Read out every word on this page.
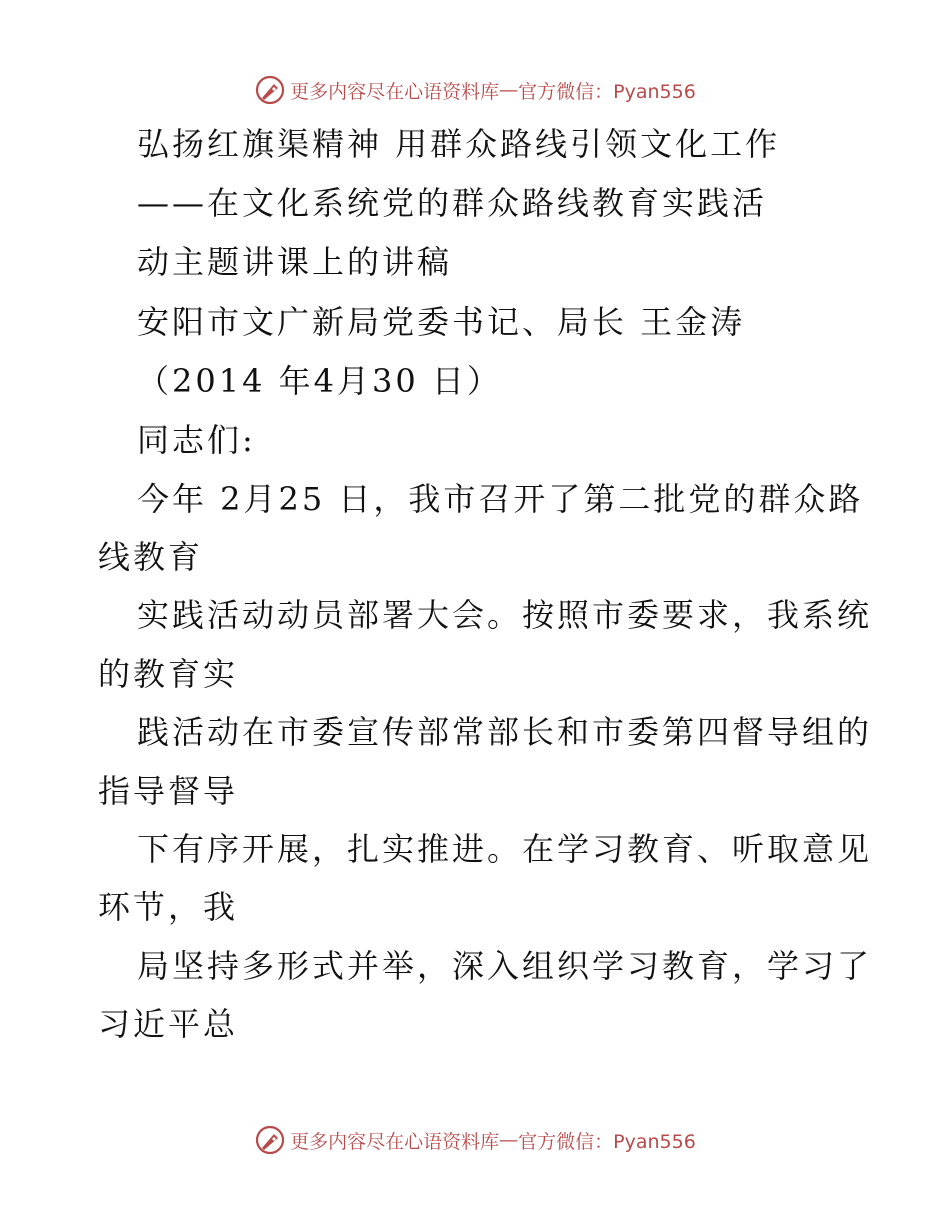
更多内容尽在心语资料库 — 官方微信：Pyan556
弘扬红旗渠精神 用群众路线引领文化工作
——在文化系统党的群众路线教育实践活
动主题讲课上的讲稿
安阳市文广新局党委书记、局长 王金涛
（2014 年4月30 日）
同志们:
今年 2月25 日，我市召开了第二批党的群众路
线教育
实践活动动员部署大会。按照市委要求，我系统
的教育实
践活动在市委宣传部常部长和市委第四督导组的
指导督导
下有序开展，扎实推进。在学习教育、听取意见
环节，我
局坚持多形式并举，深入组织学习教育，学习了
习近平总
更多内容尽在心语资料库 — 官方微信：Pyan556
